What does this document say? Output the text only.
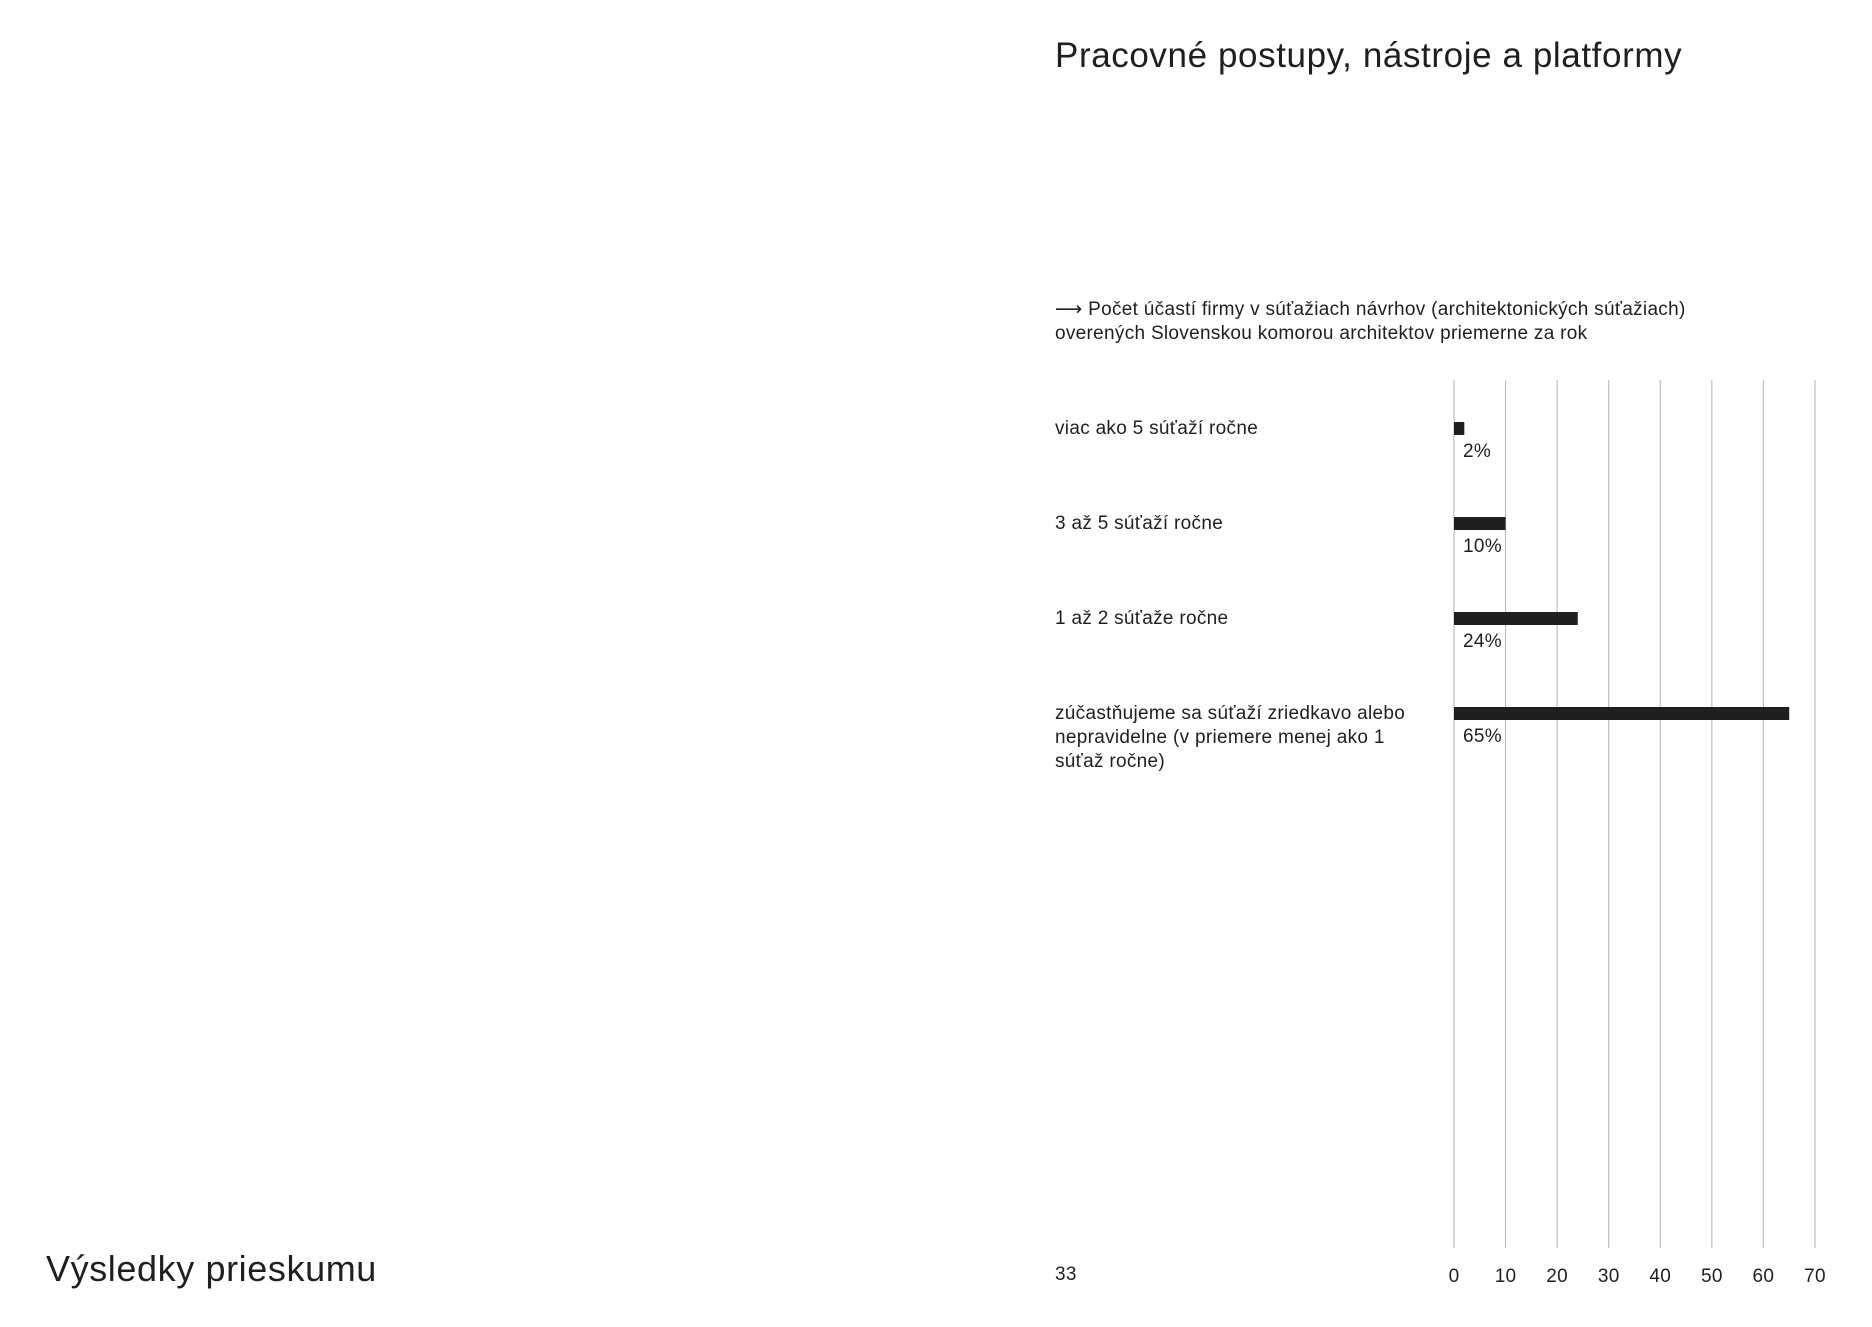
Pracovné postupy, nástroje a platformy
⟶ Počet účastí firmy v súťažiach návrhov (architektonických súťažiach)
overených Slovenskou komorou architektov priemerne za rok
viac ako 5 súťaží ročne
3 až 5 súťaží ročne
1 až 2 súťaže ročne
zúčastňujeme sa súťaží zriedkavo alebo nepravidelne (v priemere menej ako 1 súťaž ročne)
0 10 20 30 40 50 60 70
2%
10%
24%
65%
Výsledky prieskumu	33
